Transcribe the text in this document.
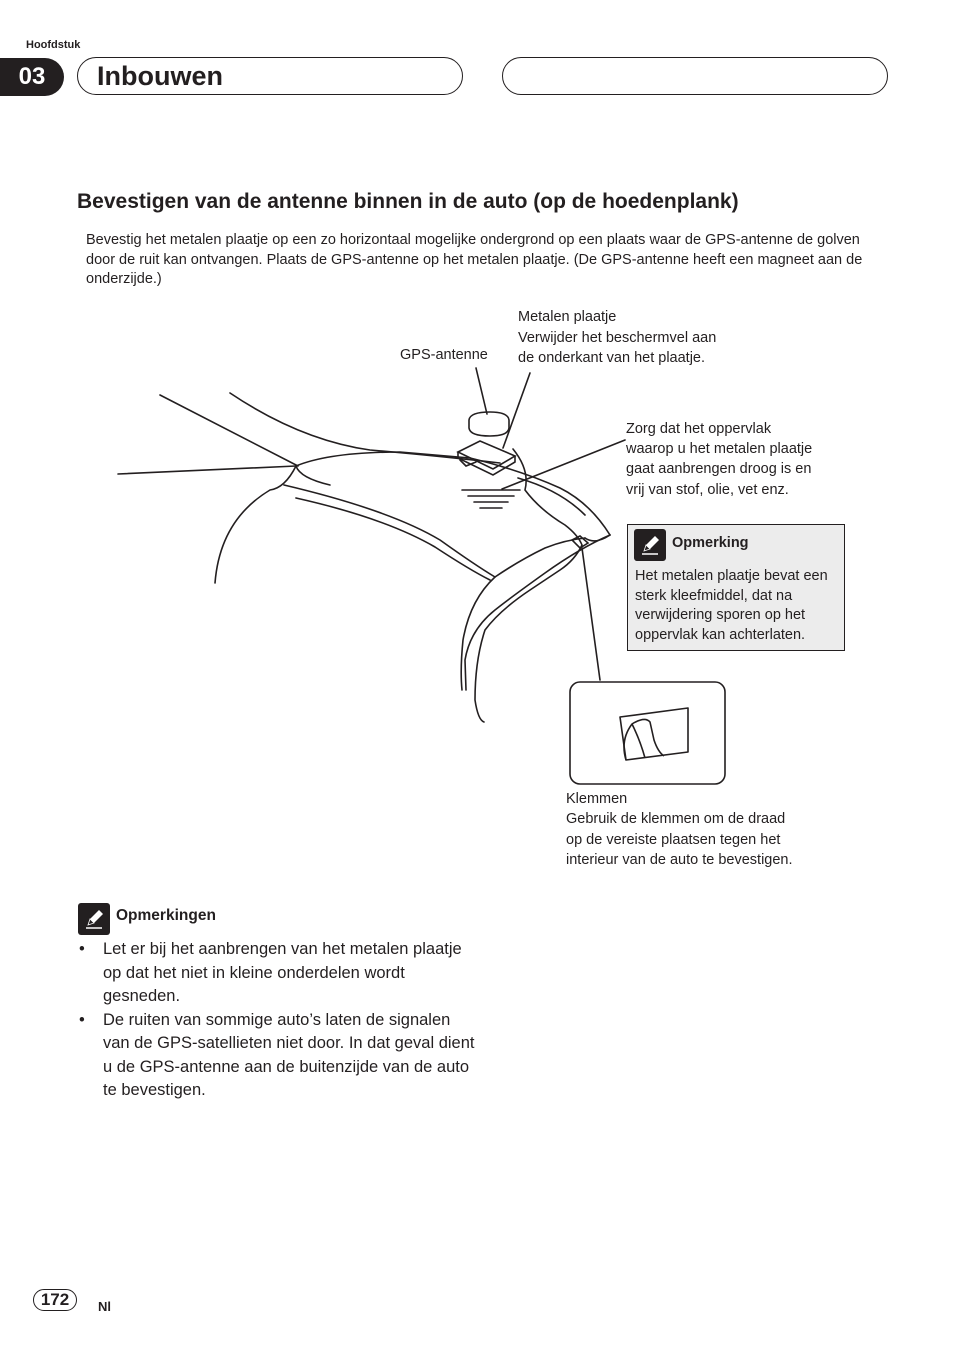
Hoofdstuk
03	Inbouwen
Bevestigen van de antenne binnen in de auto (op de hoedenplank)
Bevestig het metalen plaatje op een zo horizontaal mogelijke ondergrond op een plaats waar de GPS-antenne de golven door de ruit kan ontvangen. Plaats de GPS-antenne op het metalen plaatje. (De GPS-antenne heeft een magneet aan de onderzijde.)
GPS-antenne
Metalen plaatje
Verwijder het beschermvel aan
de onderkant van het plaatje.
Zorg dat het oppervlak
waarop u het metalen plaatje
gaat aanbrengen droog is en
vrij van stof, olie, vet enz.
Klemmen
Gebruik de klemmen om de draad
op de vereiste plaatsen tegen het
interieur van de auto te bevestigen.
Opmerking
Het metalen plaatje bevat een sterk kleefmiddel, dat na verwijdering sporen op het oppervlak kan achterlaten.
Opmerkingen
• Let er bij het aanbrengen van het metalen plaatje op dat het niet in kleine onderdelen wordt gesneden.
• De ruiten van sommige auto’s laten de signalen van de GPS-satellieten niet door. In dat geval dient u de GPS-antenne aan de buitenzijde van de auto te bevestigen.
172	Nl
